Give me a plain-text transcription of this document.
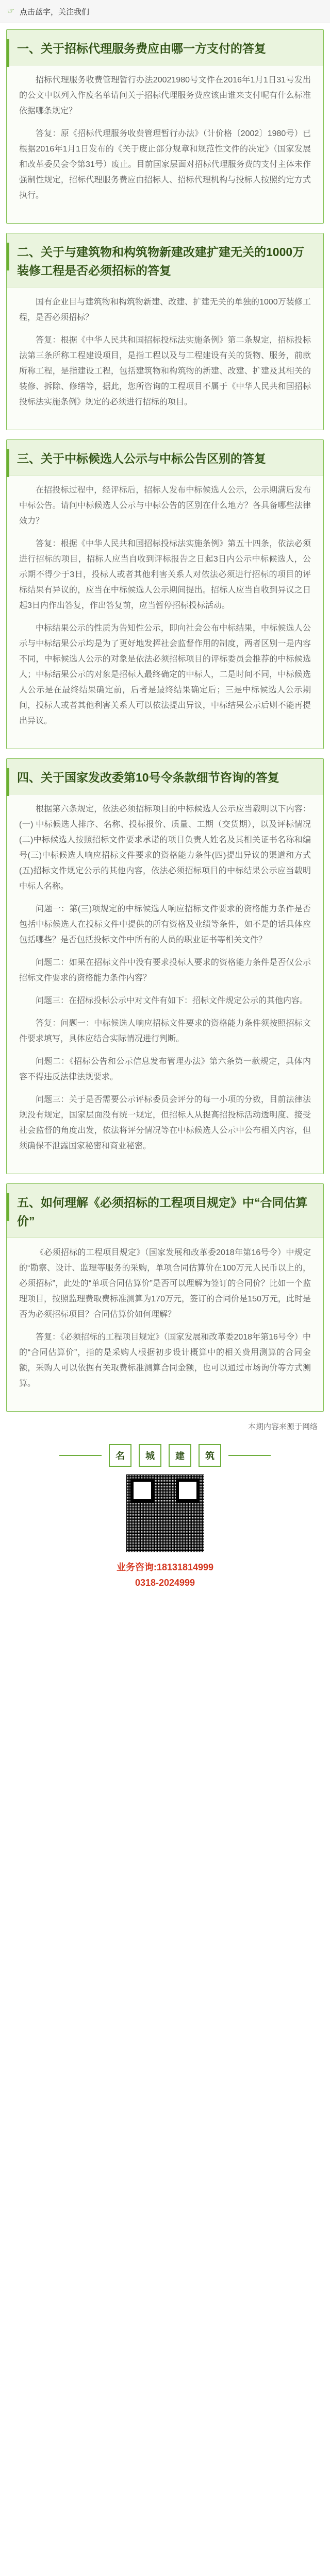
☞ 点击蓝字，关注我们
一、关于招标代理服务费应由哪一方支付的答复

招标代理服务收费管理暂行办法20021980号文件在2016年1月1日31号发出的公文中以列入作废名单请问关于招标代理服务费应该由谁来支付呢有什么标准依据哪条规定？

答复：原《招标代理服务收费管理暂行办法》（计价格〔2002〕1980号）已根据2016年1月1日发布的《关于废止部分规章和规范性文件的决定》（国家发展和改革委员会令第31号）废止。目前国家层面对招标代理服务费的支付主体未作强制性规定，招标代理服务费应由招标人、招标代理机构与投标人按照约定方式执行。

二、关于与建筑物和构筑物新建改建扩建无关的1000万装修工程是否必须招标的答复

国有企业目与建筑物和构筑物新建、改建、扩建无关的单独的1000万装修工程，是否必须招标？

答复：根据《中华人民共和国招标投标法实施条例》第二条规定，招标投标法第三条所称工程建设项目，是指工程以及与工程建设有关的货物、服务，前款所称工程，是指建设工程，包括建筑物和构筑物的新建、改建、扩建及其相关的装修、拆除、修缮等，据此，您所咨询的工程项目不属于《中华人民共和国招标投标法实施条例》规定的必须进行招标的项目。

三、关于中标候选人公示与中标公告区别的答复

在招投标过程中，经评标后，招标人发布中标候选人公示，公示期满后发布中标公告。请问中标候选人公示与中标公告的区别在什么地方？各具备哪些法律效力？

答复：根据《中华人民共和国招标投标法实施条例》第五十四条，依法必须进行招标的项目，招标人应当自收到评标报告之日起3日内公示中标候选人，公示期不得少于3日，投标人或者其他利害关系人对依法必须进行招标的项目的评标结果有异议的，应当在中标候选人公示期间提出。招标人应当自收到异议之日起3日内作出答复，作出答复前，应当暂停招标投标活动。

中标结果公示的性质为告知性公示，即向社会公布中标结果，中标候选人公示与中标结果公示均是为了更好地发挥社会监督作用的制度，两者区别一是内容不同，中标候选人公示的对象是依法必须招标项目的评标委员会推荐的中标候选人；中标结果公示的对象是招标人最终确定的中标人，二是时间不同，中标候选人公示是在最终结果确定前，后者是最终结果确定后；三是中标候选人公示期间，投标人或者其他利害关系人可以依法提出异议，中标结果公示后则不能再提出异议。

四、关于国家发改委第10号令条款细节咨询的答复

根据第六条规定，依法必须招标项目的中标候选人公示应当载明以下内容：(一) 中标候选人排序、名称、投标报价、质量、工期（交货期），以及评标情况(二)中标候选人按照招标文件要求承诺的项目负责人姓名及其相关证书名称和编号(三)中标候选人响应招标文件要求的资格能力条件(四)提出异议的渠道和方式(五)招标文件规定公示的其他内容，依法必须招标项目的中标结果公示应当载明中标人名称。

问题一：第(三)项规定的中标候选人响应招标文件要求的资格能力条件是否包括中标候选人在投标文件中提供的所有资格及业绩等条件，如不是的话具体应包括哪些？是否包括投标文件中所有的人员的职业证书等相关文件？

问题二：如果在招标文件中没有要求投标人要求的资格能力条件是否仅公示招标文件要求的资格能力条件内容？

问题三：在招标投标公示中对文件有如下：招标文件规定公示的其他内容。

答复：问题一：中标候选人响应招标文件要求的资格能力条件须按照招标文件要求填写，具体应结合实际情况进行判断。

问题二：《招标公告和公示信息发布管理办法》第六条第一款规定，具体内容不得违反法律法规要求。

问题三：关于是否需要公示评标委员会评分的每一小项的分数，目前法律法规没有规定，国家层面没有统一规定，但招标人从提高招投标活动透明度、接受社会监督的角度出发，依法将评分情况等在中标候选人公示中公布相关内容，但须确保不泄露国家秘密和商业秘密。

五、如何理解《必须招标的工程项目规定》中“合同估算价”

《必须招标的工程项目规定》（国家发展和改革委2018年第16号令）中规定的“勘察、设计、监理等服务的采购，单项合同估算价在100万元人民币以上的，必须招标”，此处的“单项合同估算价”是否可以理解为签订的合同价？比如一个监理项目，按照监理费取费标准测算为170万元，签订的合同价是150万元，此时是否为必须招标项目？合同估算价如何理解？

答复：《必须招标的工程项目规定》（国家发展和改革委2018年第16号令）中的“合同估算价”，指的是采购人根据初步设计概算中的相关费用测算的合同金额，采购人可以依据有关取费标准测算合同金额，也可以通过市场询价等方式测算。

本期内容来源于网络
名	城	建	筑
业务咨询:18131814999
0318-2024999
